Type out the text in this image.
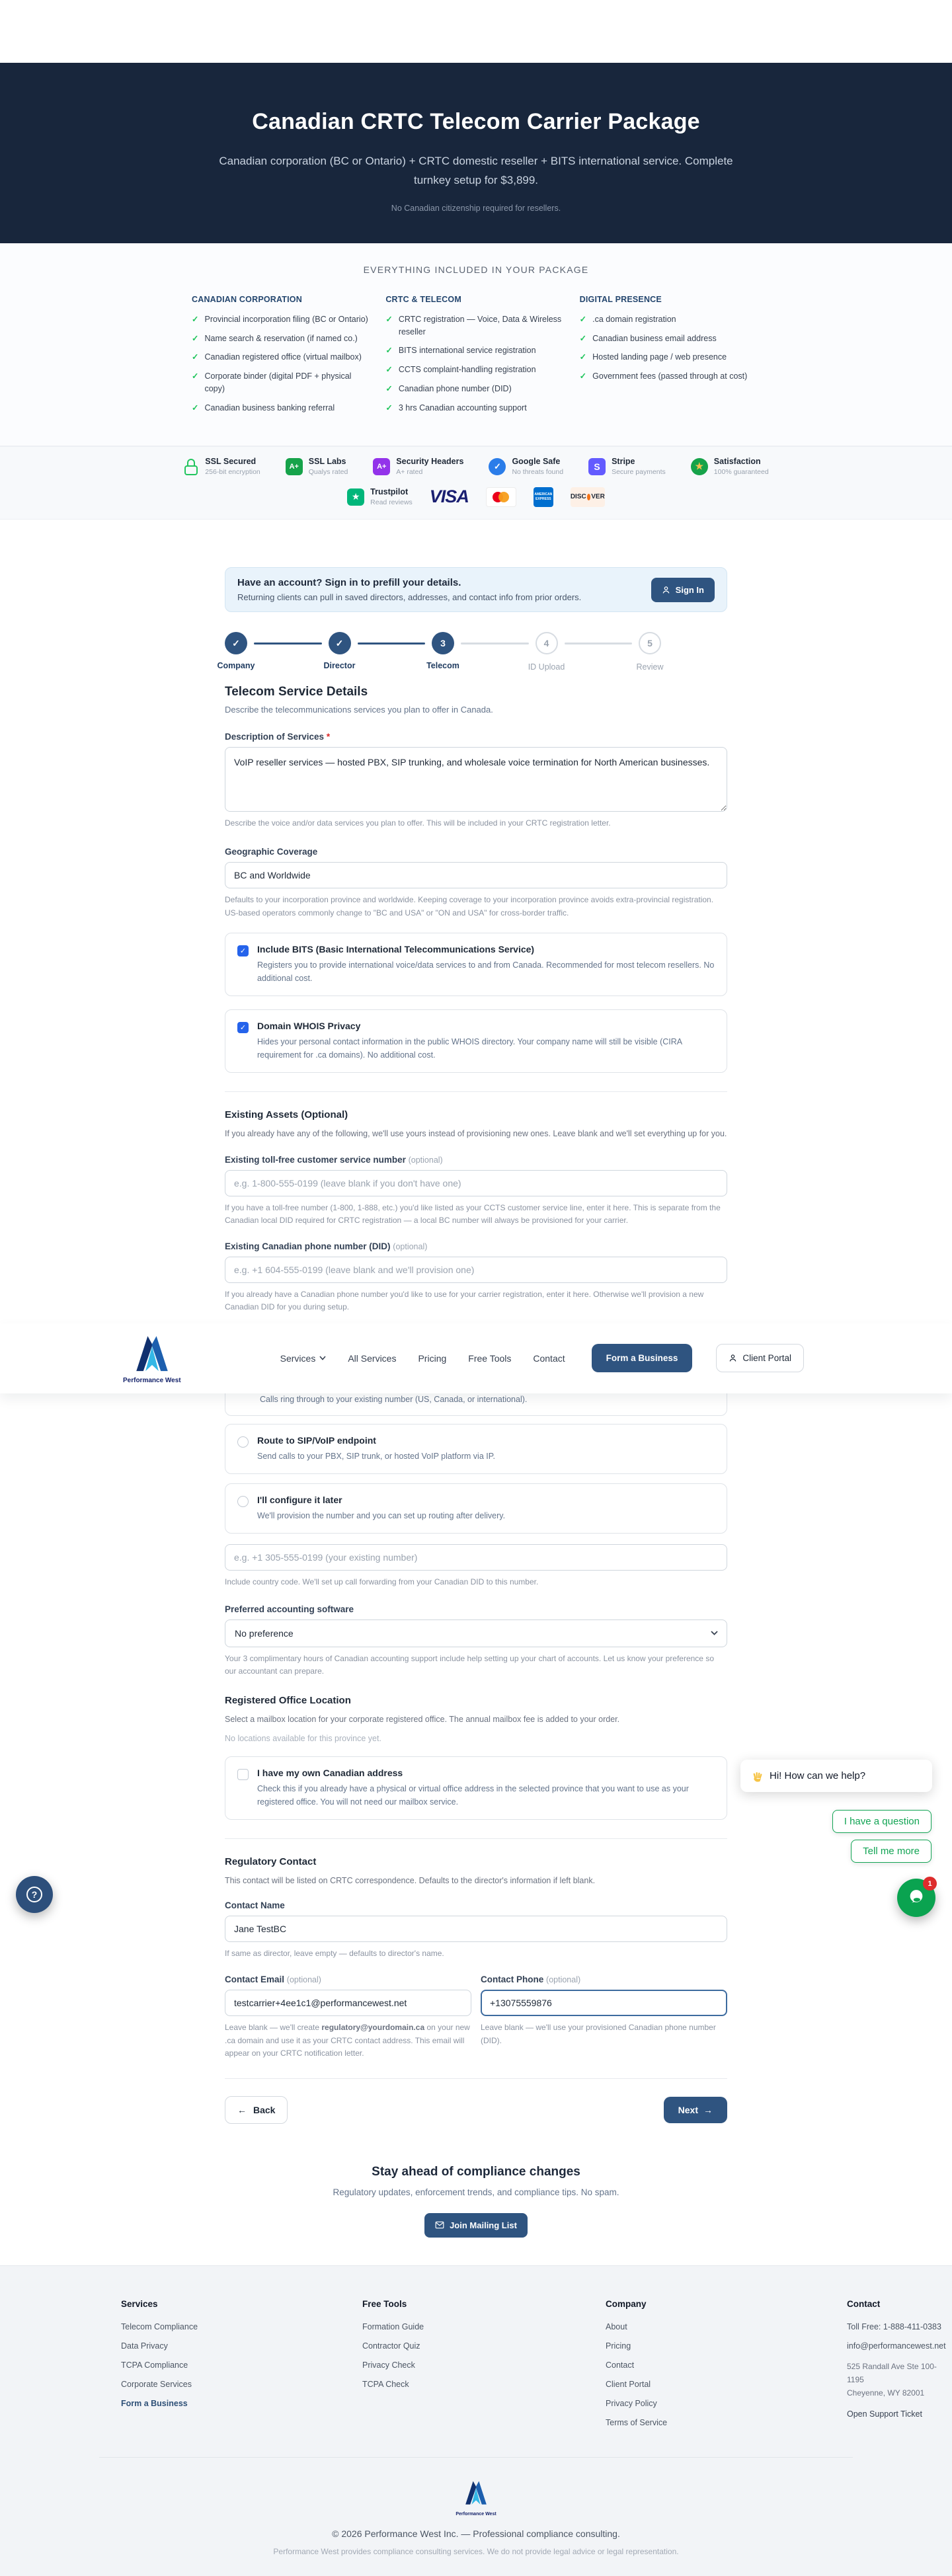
Canadian CRTC Telecom Carrier Package
Canadian corporation (BC or Ontario) + CRTC domestic reseller + BITS international service. Complete turnkey setup for $3,899.
No Canadian citizenship required for resellers.
EVERYTHING INCLUDED IN YOUR PACKAGE
CANADIAN CORPORATION
✓ Provincial incorporation filing (BC or Ontario)
✓ Name search & reservation (if named co.)
✓ Canadian registered office (virtual mailbox)
✓ Corporate binder (digital PDF + physical copy)
✓ Canadian business banking referral
CRTC & TELECOM
✓ CRTC registration — Voice, Data & Wireless reseller
✓ BITS international service registration
✓ CCTS complaint-handling registration
✓ Canadian phone number (DID)
✓ 3 hrs Canadian accounting support
DIGITAL PRESENCE
✓ .ca domain registration
✓ Canadian business email address
✓ Hosted landing page / web presence
✓ Government fees (passed through at cost)
SSL Secured
256-bit encryption
A+
SSL Labs
Qualys rated
A+
Security Headers
A+ rated
✓	Google Safe
No threats found
S	Stripe
Secure payments
★	Satisfaction
100% guaranteed
★	Trustpilot
Read reviews VISA	AMERICAN
EXPRESS	DISC VER
Have an account? Sign in to prefill your details.
Returning clients can pull in saved directors, addresses, and contact info from prior orders.
Sign In
✓
Company
✓
Director
3
Telecom
4
ID Upload
5
Review
Telecom Service Details
Describe the telecommunications services you plan to offer in Canada.
Description of Services *
VoIP reseller services — hosted PBX, SIP trunking, and wholesale voice termination for North American businesses.
Describe the voice and/or data services you plan to offer. This will be included in your CRTC registration letter.
Geographic Coverage
BC and Worldwide
Defaults to your incorporation province and worldwide. Keeping coverage to your incorporation province avoids extra-provincial registration. US-based operators commonly change to "BC and USA" or "ON and USA" for cross-border traffic.
✓ Include BITS (Basic International Telecommunications Service)
Registers you to provide international voice/data services to and from Canada. Recommended for most telecom resellers. No additional cost.
✓ Domain WHOIS Privacy
Hides your personal contact information in the public WHOIS directory. Your company name will still be visible (CIRA requirement for .ca domains). No additional cost.
Existing Assets (Optional)
If you already have any of the following, we'll use yours instead of provisioning new ones. Leave blank and we'll set everything up for you.
Existing toll-free customer service number (optional)
e.g. 1-800-555-0199 (leave blank if you don't have one)
If you have a toll-free number (1-800, 1-888, etc.) you'd like listed as your CCTS customer service line, enter it here. This is separate from the Canadian local DID required for CRTC registration — a local BC number will always be provisioned for your carrier.
Existing Canadian phone number (DID) (optional)
e.g. +1 604-555-0199 (leave blank and we'll provision one)
If you already have a Canadian phone number you'd like to use for your carrier registration, enter it here. Otherwise we'll provision a new Canadian DID for you during setup.
Performance West
Services	All Services Pricing Free Tools Contact	Form a Business	Client Portal
Calls ring through to your existing number (US, Canada, or international).
Route to SIP/VoIP endpoint
Send calls to your PBX, SIP trunk, or hosted VoIP platform via IP.
I'll configure it later
We'll provision the number and you can set up routing after delivery.
e.g. +1 305-555-0199 (your existing number)
Include country code. We'll set up call forwarding from your Canadian DID to this number.
Preferred accounting software
No preference
Your 3 complimentary hours of Canadian accounting support include help setting up your chart of accounts. Let us know your preference so our accountant can prepare.
Registered Office Location
Select a mailbox location for your corporate registered office. The annual mailbox fee is added to your order.
No locations available for this province yet.
I have my own Canadian address
Check this if you already have a physical or virtual office address in the selected province that you want to use as your registered office. You will not need our mailbox service.
Regulatory Contact
This contact will be listed on CRTC correspondence. Defaults to the director's information if left blank.
Contact Name
Jane TestBC
If same as director, leave empty — defaults to director's name.
Contact Email (optional)
testcarrier+4ee1c1@performancewest.net
Leave blank — we'll create regulatory@yourdomain.ca on your new .ca domain and use it as your CRTC contact address. This email will appear on your CRTC notification letter.
Contact Phone (optional)
+13075559876
Leave blank — we'll use your provisioned Canadian phone number (DID).
← Back	Next →
Stay ahead of compliance changes
Regulatory updates, enforcement trends, and compliance tips. No spam.
Join Mailing List
Services
Telecom Compliance
Data Privacy
TCPA Compliance
Corporate Services
Form a Business
Free Tools
Formation Guide
Contractor Quiz
Privacy Check
TCPA Check
Company
About
Pricing
Contact
Client Portal
Privacy Policy
Terms of Service
Contact
Toll Free: 1-888-411-0383
info@performancewest.net
525 Randall Ave Ste 100-1195
Cheyenne, WY 82001
Open Support Ticket
Performance West
© 2026 Performance West Inc. — Professional compliance consulting.
Performance West provides compliance consulting services. We do not provide legal advice or legal representation.
?
Hi! How can we help?
I have a question
Tell me more
1
